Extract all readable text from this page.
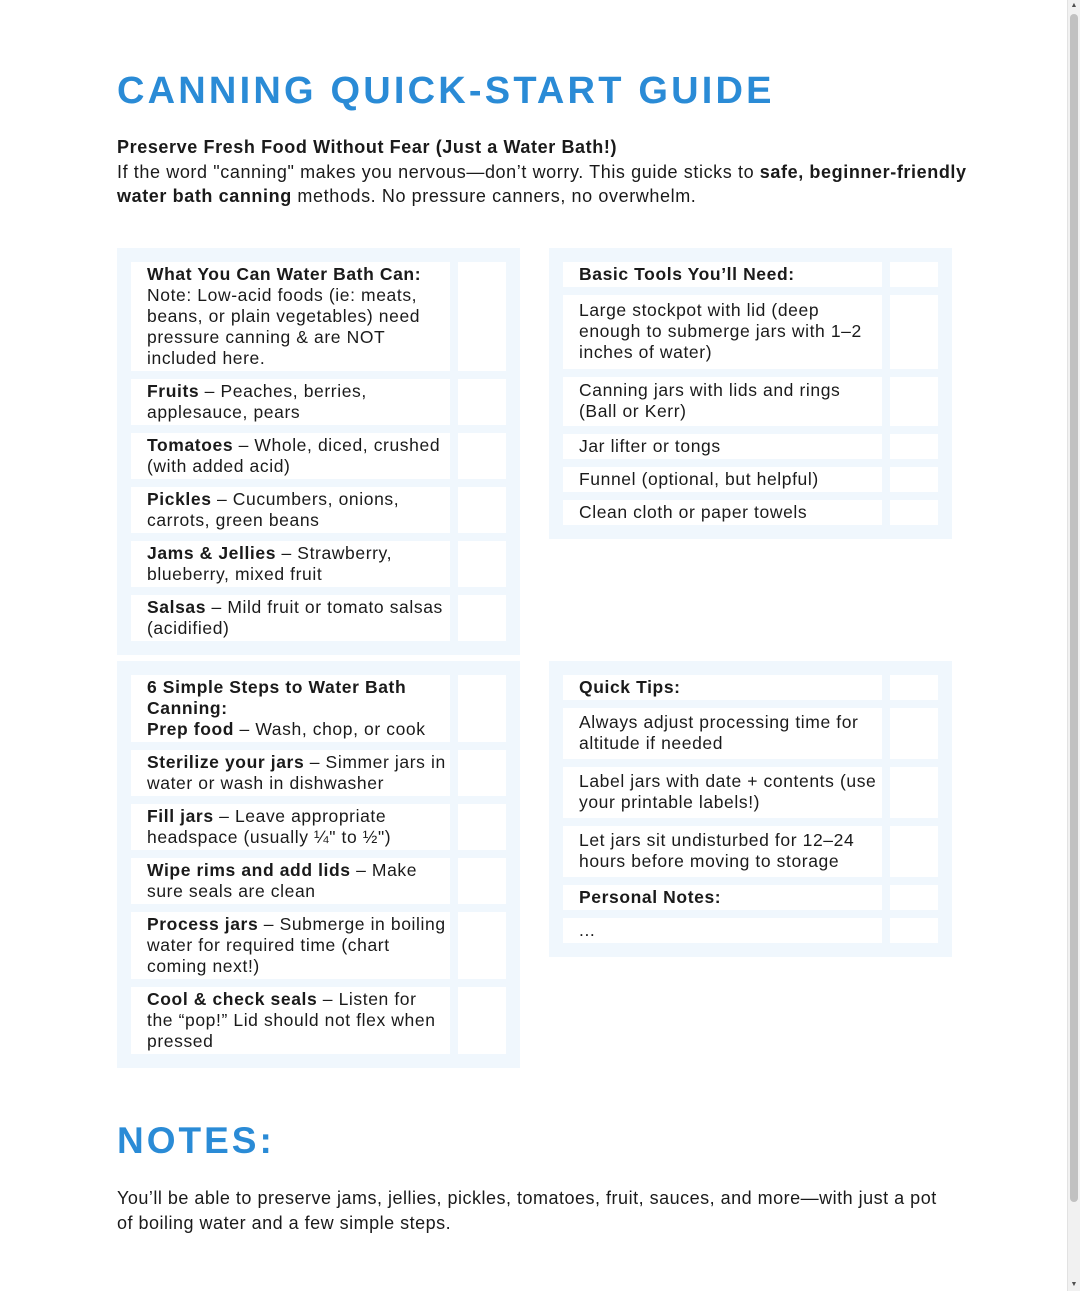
CANNING QUICK-START GUIDE
Preserve Fresh Food Without Fear (Just a Water Bath!)
If the word "canning" makes you nervous—don’t worry. This guide sticks to safe, beginner-friendly water bath canning methods. No pressure canners, no overwhelm.
What You Can Water Bath Can:
Note: Low-acid foods (ie: meats, beans, or plain vegetables) need pressure canning & are NOT included here.
Fruits – Peaches, berries, applesauce, pears
Tomatoes – Whole, diced, crushed (with added acid)
Pickles – Cucumbers, onions, carrots, green beans
Jams & Jellies – Strawberry, blueberry, mixed fruit
Salsas – Mild fruit or tomato salsas (acidified)
Basic Tools You’ll Need:
Large stockpot with lid (deep enough to submerge jars with 1–2 inches of water)
Canning jars with lids and rings (Ball or Kerr)
Jar lifter or tongs
Funnel (optional, but helpful)
Clean cloth or paper towels
6 Simple Steps to Water Bath Canning:
Prep food – Wash, chop, or cook
Sterilize your jars – Simmer jars in water or wash in dishwasher
Fill jars – Leave appropriate headspace (usually ¼" to ½")
Wipe rims and add lids – Make sure seals are clean
Process jars – Submerge in boiling water for required time (chart coming next!)
Cool & check seals – Listen for the “pop!” Lid should not flex when pressed
Quick Tips:
Always adjust processing time for altitude if needed
Label jars with date + contents (use your printable labels!)
Let jars sit undisturbed for 12–24 hours before moving to storage
Personal Notes:
...
NOTES:
You’ll be able to preserve jams, jellies, pickles, tomatoes, fruit, sauces, and more—with just a pot of boiling water and a few simple steps.
▲
▼
